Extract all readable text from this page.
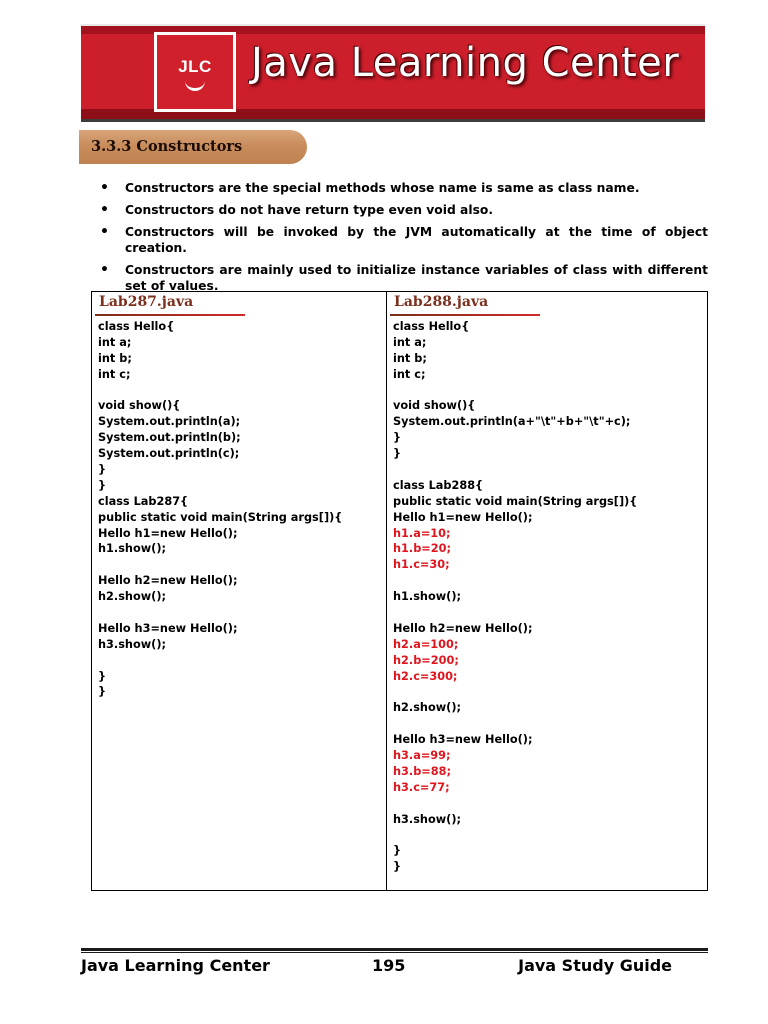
JLC Java Learning Center
3.3.3 Constructors
• Constructors are the special methods whose name is same as class name.
• Constructors do not have return type even void also.
• Constructors will be invoked by the JVM automatically at the time of object creation.
• Constructors are mainly used to initialize instance variables of class with different set of values.
Lab287.java
class Hello{
int a;
int b;
int c;
void show(){
System.out.println(a);
System.out.println(b);
System.out.println(c);
}
}
class Lab287{
public static void main(String args[]){
Hello h1=new Hello();
h1.show();
Hello h2=new Hello();
h2.show();
Hello h3=new Hello();
h3.show();
}
}
Lab288.java
class Hello{
int a;
int b;
int c;
void show(){
System.out.println(a+"\t"+b+"\t"+c);
}
}
class Lab288{
public static void main(String args[]){
Hello h1=new Hello();
h1.a=10;
h1.b=20;
h1.c=30;
h1.show();
Hello h2=new Hello();
h2.a=100;
h2.b=200;
h2.c=300;
h2.show();
Hello h3=new Hello();
h3.a=99;
h3.b=88;
h3.c=77;
h3.show();
}
}
Java Learning Center	195	Java Study Guide
